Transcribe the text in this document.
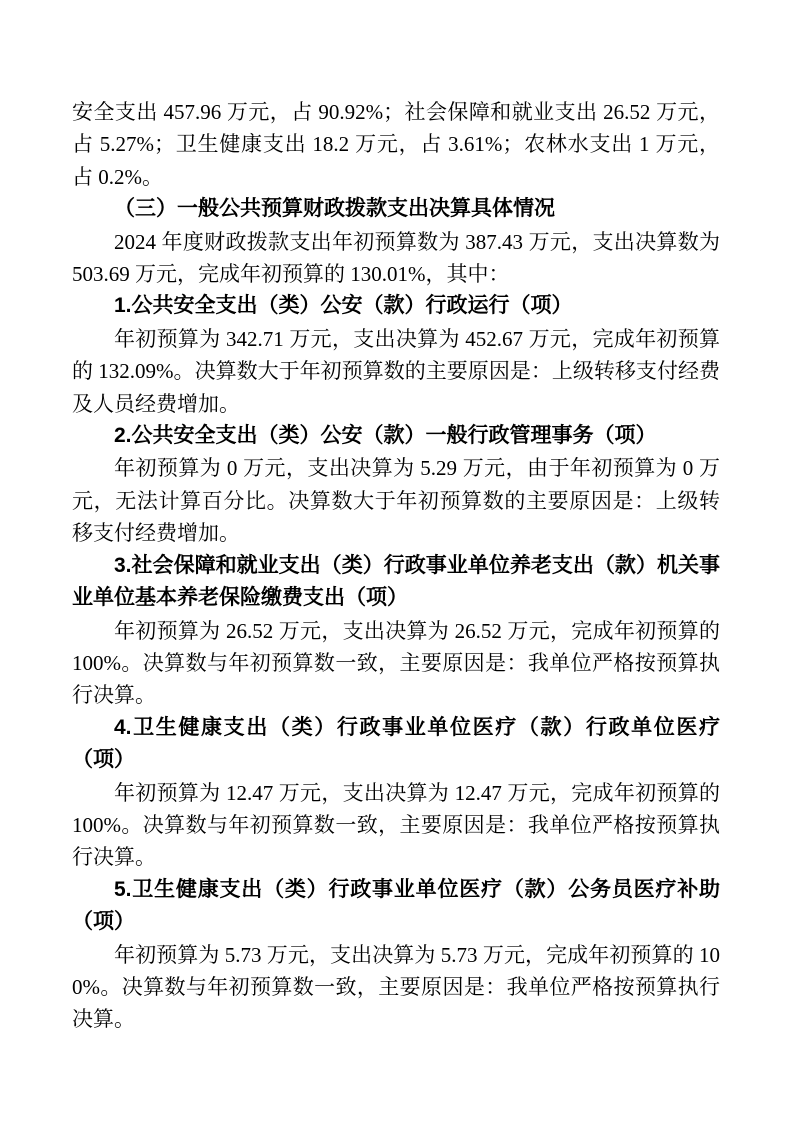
安全支出 457.96 万元，占 90.92%；社会保障和就业支出 26.52 万元，占 5.27%；卫生健康支出 18.2 万元，占 3.61%；农林水支出 1 万元，占 0.2%。

（三）一般公共预算财政拨款支出决算具体情况

2024 年度财政拨款支出年初预算数为 387.43 万元，支出决算数为 503.69 万元，完成年初预算的 130.01%，其中：

1.公共安全支出（类）公安（款）行政运行（项）

年初预算为 342.71 万元，支出决算为 452.67 万元，完成年初预算的 132.09%。决算数大于年初预算数的主要原因是：上级转移支付经费及人员经费增加。

2.公共安全支出（类）公安（款）一般行政管理事务（项）

年初预算为 0 万元，支出决算为 5.29 万元，由于年初预算为 0 万元，无法计算百分比。决算数大于年初预算数的主要原因是：上级转移支付经费增加。

3.社会保障和就业支出（类）行政事业单位养老支出（款）机关事业单位基本养老保险缴费支出（项）

年初预算为 26.52 万元，支出决算为 26.52 万元，完成年初预算的 100%。决算数与年初预算数一致，主要原因是：我单位严格按预算执行决算。

4.卫生健康支出（类）行政事业单位医疗（款）行政单位医疗（项）

年初预算为 12.47 万元，支出决算为 12.47 万元，完成年初预算的 100%。决算数与年初预算数一致，主要原因是：我单位严格按预算执行决算。

5.卫生健康支出（类）行政事业单位医疗（款）公务员医疗补助（项）

年初预算为 5.73 万元，支出决算为 5.73 万元，完成年初预算的 100%。决算数与年初预算数一致，主要原因是：我单位严格按预算执行决算。
